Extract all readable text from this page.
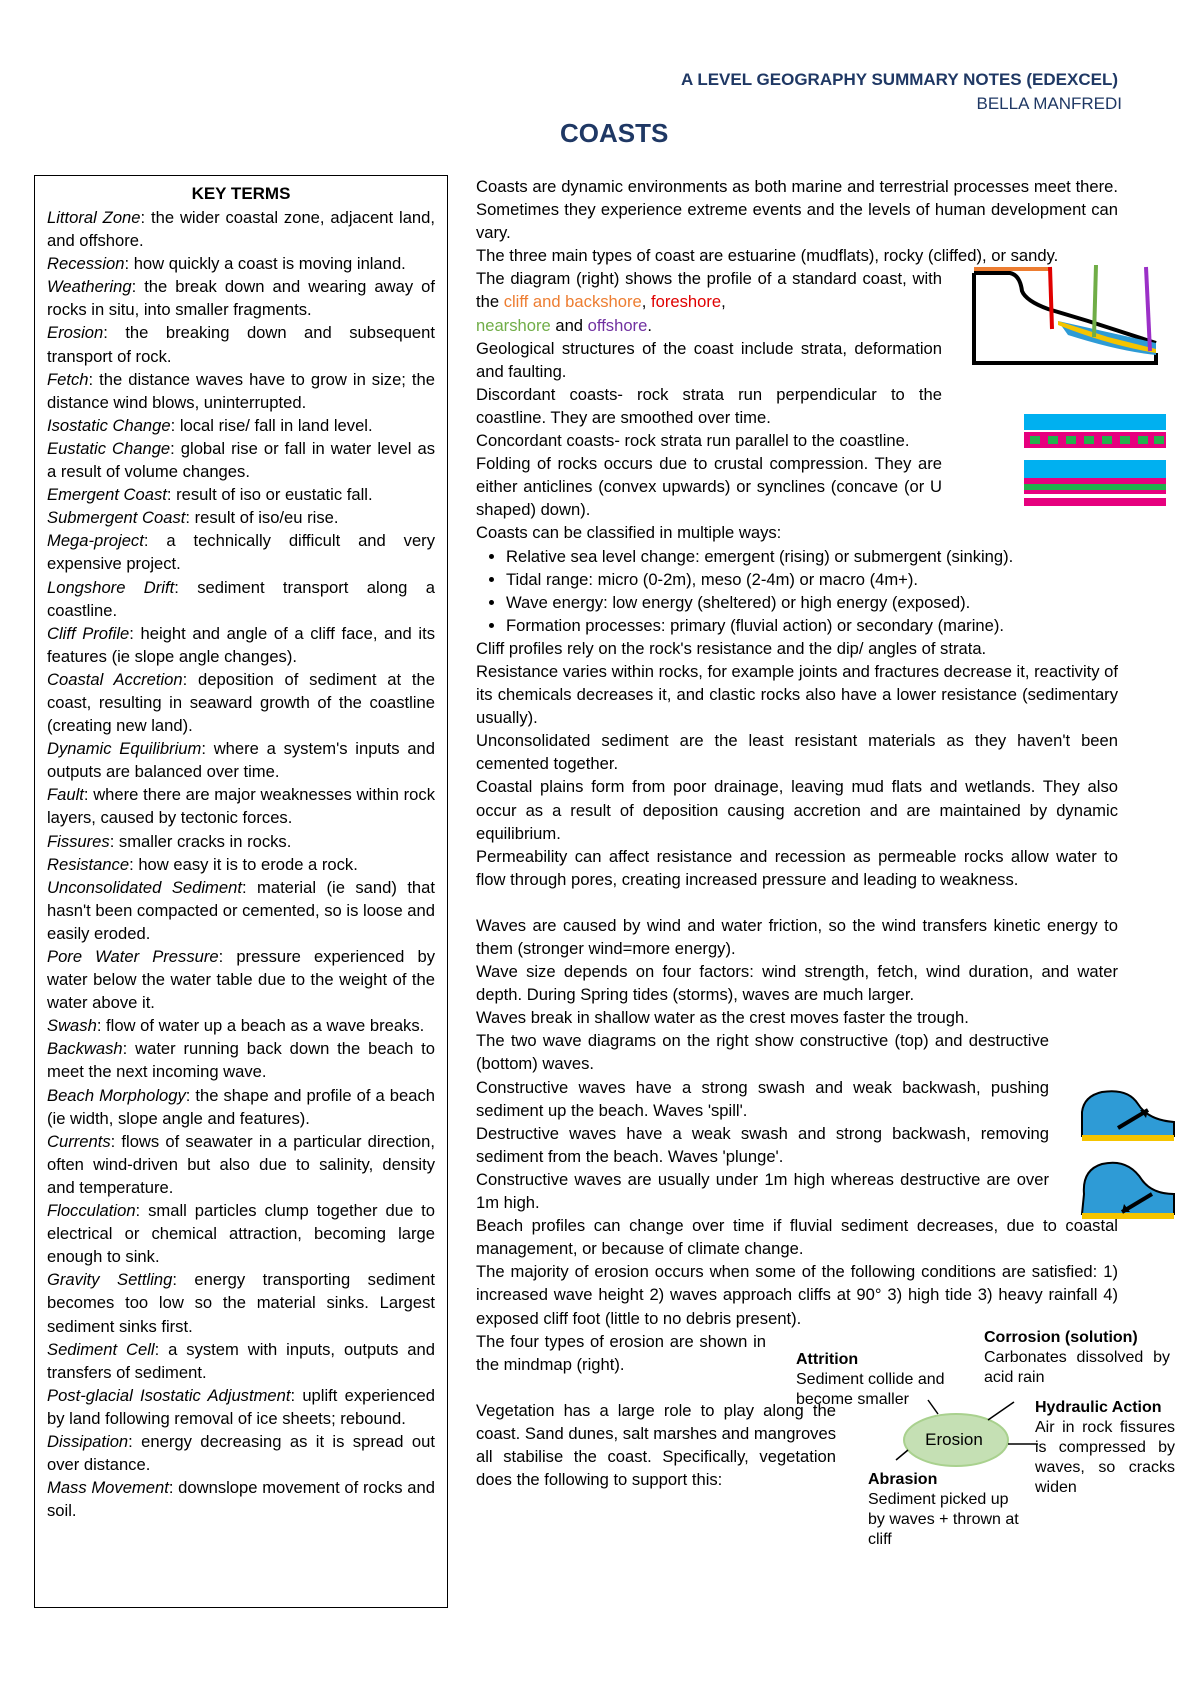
A LEVEL GEOGRAPHY SUMMARY NOTES (EDEXCEL)
BELLA MANFREDI
COASTS
KEY TERMS

Littoral Zone: the wider coastal zone, adjacent land, and offshore.

Recession: how quickly a coast is moving inland.

Weathering: the break down and wearing away of rocks in situ, into smaller fragments.

Erosion: the breaking down and subsequent transport of rock.

Fetch: the distance waves have to grow in size; the distance wind blows, uninterrupted.

Isostatic Change: local rise/ fall in land level.

Eustatic Change: global rise or fall in water level as a result of volume changes.

Emergent Coast: result of iso or eustatic fall.

Submergent Coast: result of iso/eu rise.

Mega-project: a technically difficult and very expensive project.

Longshore Drift: sediment transport along a coastline.

Cliff Profile: height and angle of a cliff face, and its features (ie slope angle changes).

Coastal Accretion: deposition of sediment at the coast, resulting in seaward growth of the coastline (creating new land).

Dynamic Equilibrium: where a system's inputs and outputs are balanced over time.

Fault: where there are major weaknesses within rock layers, caused by tectonic forces.

Fissures: smaller cracks in rocks.

Resistance: how easy it is to erode a rock.

Unconsolidated Sediment: material (ie sand) that hasn't been compacted or cemented, so is loose and easily eroded.

Pore Water Pressure: pressure experienced by water below the water table due to the weight of the water above it.

Swash: flow of water up a beach as a wave breaks.

Backwash: water running back down the beach to meet the next incoming wave.

Beach Morphology: the shape and profile of a beach (ie width, slope angle and features).

Currents: flows of seawater in a particular direction, often wind-driven but also due to salinity, density and temperature.

Flocculation: small particles clump together due to electrical or chemical attraction, becoming large enough to sink.

Gravity Settling: energy transporting sediment becomes too low so the material sinks. Largest sediment sinks first.

Sediment Cell: a system with inputs, outputs and transfers of sediment.

Post-glacial Isostatic Adjustment: uplift experienced by land following removal of ice sheets; rebound.

Dissipation: energy decreasing as it is spread out over distance.

Mass Movement: downslope movement of rocks and soil.

Coasts are dynamic environments as both marine and terrestrial processes meet there. Sometimes they experience extreme events and the levels of human development can vary.

The three main types of coast are estuarine (mudflats), rocky (cliffed), or sandy.

The diagram (right) shows the profile of a standard coast, with the cliff and backshore, foreshore,
nearshore and offshore.

Geological structures of the coast include strata, deformation and faulting.

Discordant coasts- rock strata run perpendicular to the coastline. They are smoothed over time.

Concordant coasts- rock strata run parallel to the coastline.

Folding of rocks occurs due to crustal compression. They are either anticlines (convex upwards) or synclines (concave (or U shaped) down).

Coasts can be classified in multiple ways:

• Relative sea level change: emergent (rising) or submergent (sinking).
• Tidal range: micro (0-2m), meso (2-4m) or macro (4m+).
• Wave energy: low energy (sheltered) or high energy (exposed).
• Formation processes: primary (fluvial action) or secondary (marine).

Cliff profiles rely on the rock's resistance and the dip/ angles of strata.

Resistance varies within rocks, for example joints and fractures decrease it, reactivity of its chemicals decreases it, and clastic rocks also have a lower resistance (sedimentary usually).

Unconsolidated sediment are the least resistant materials as they haven't been cemented together.

Coastal plains form from poor drainage, leaving mud flats and wetlands. They also occur as a result of deposition causing accretion and are maintained by dynamic equilibrium.

Permeability can affect resistance and recession as permeable rocks allow water to flow through pores, creating increased pressure and leading to weakness.

Waves are caused by wind and water friction, so the wind transfers kinetic energy to them (stronger wind=more energy).

Wave size depends on four factors: wind strength, fetch, wind duration, and water depth. During Spring tides (storms), waves are much larger.

Waves break in shallow water as the crest moves faster the trough.

The two wave diagrams on the right show constructive (top) and destructive (bottom) waves.

Constructive waves have a strong swash and weak backwash, pushing sediment up the beach. Waves 'spill'.

Destructive waves have a weak swash and strong backwash, removing sediment from the beach. Waves 'plunge'.

Constructive waves are usually under 1m high whereas destructive are over 1m high.

Beach profiles can change over time if fluvial sediment decreases, due to coastal management, or because of climate change.

The majority of erosion occurs when some of the following conditions are satisfied: 1) increased wave height 2) waves approach cliffs at 90° 3) high tide 3) heavy rainfall 4) exposed cliff foot (little to no debris present).

The four types of erosion are shown in the mindmap (right).

Vegetation has a large role to play along the coast. Sand dunes, salt marshes and mangroves all stabilise the coast. Specifically, vegetation does the following to support this:

Erosion
Attrition
Sediment collide and become smaller
Corrosion (solution)

Carbonates dissolved by acid rain
Hydraulic Action

Air in rock fissures is compressed by waves, so cracks widen
Abrasion
Sediment picked up by waves + thrown at cliff
